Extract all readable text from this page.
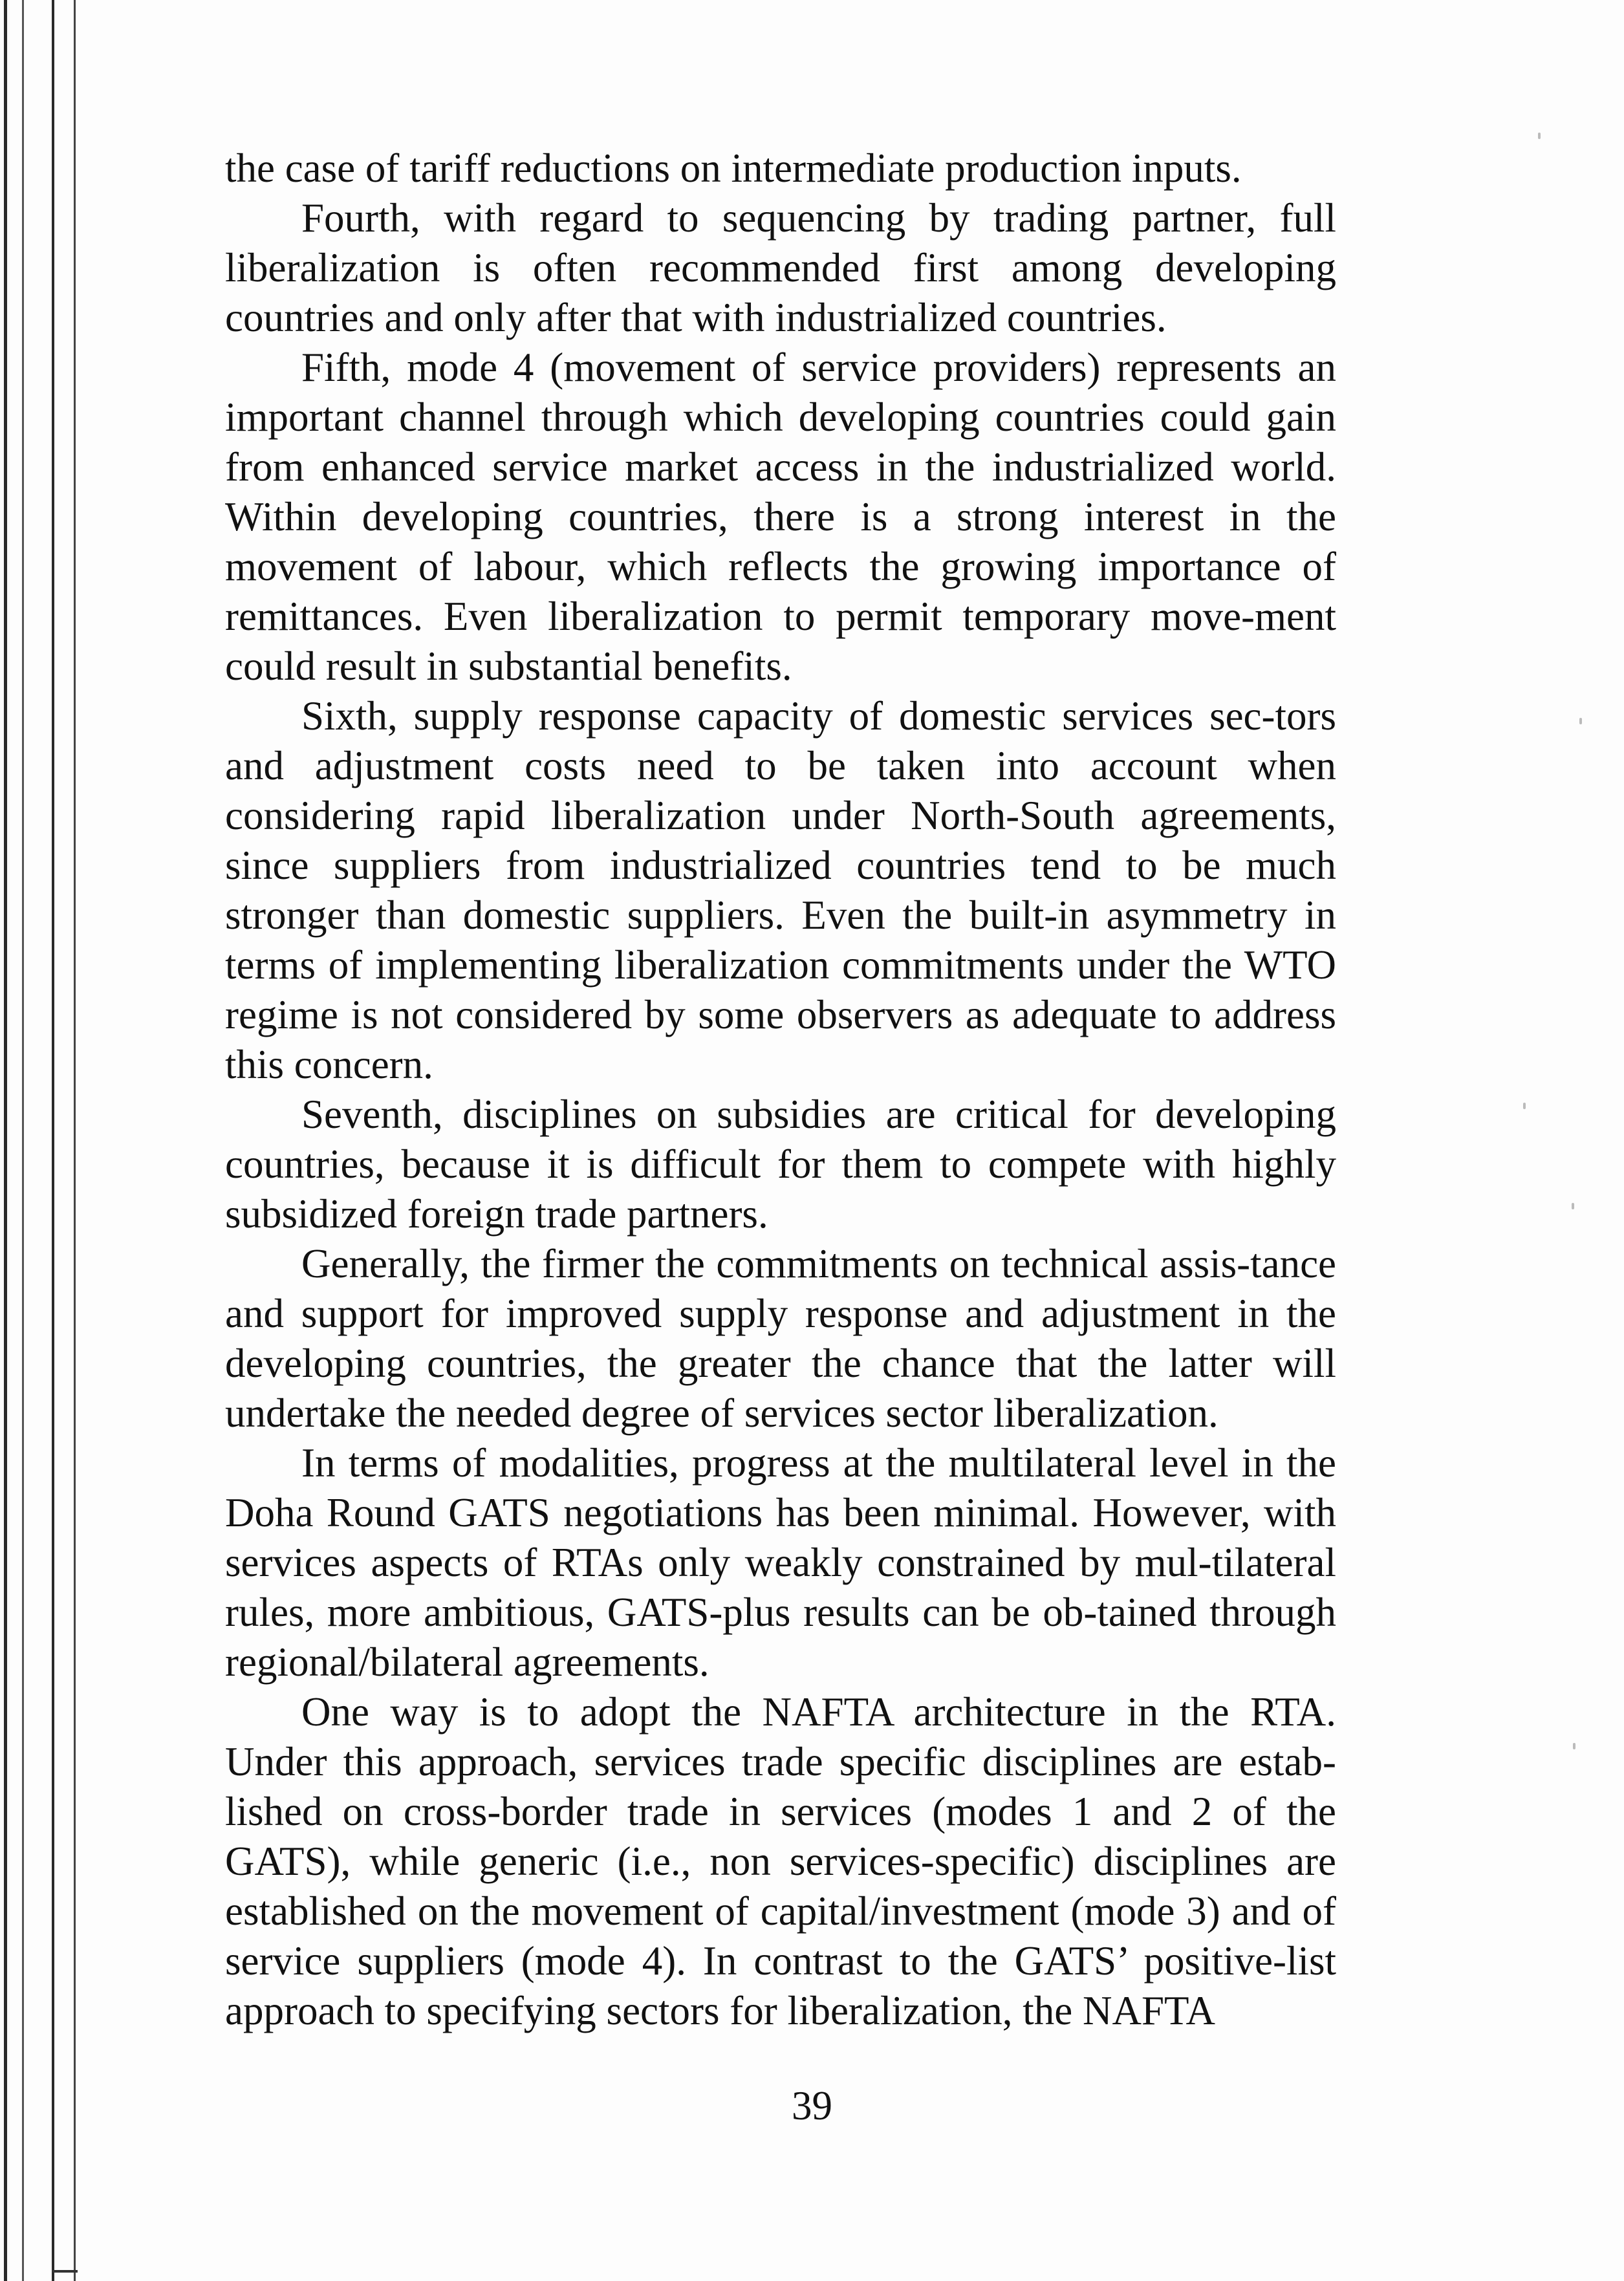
the case of tariff reductions on intermediate production inputs.

Fourth, with regard to sequencing by trading partner, full liberalization is often recommended first among developing countries and only after that with industrialized countries.

Fifth, mode 4 (movement of service providers) represents an important channel through which developing countries could gain from enhanced service market access in the industrialized world. Within developing countries, there is a strong interest in the movement of labour, which reflects the growing importance of remittances. Even liberalization to permit temporary move-ment could result in substantial benefits.

Sixth, supply response capacity of domestic services sec-tors and adjustment costs need to be taken into account when considering rapid liberalization under North-South agreements, since suppliers from industrialized countries tend to be much stronger than domestic suppliers. Even the built-in asymmetry in terms of implementing liberalization commitments under the WTO regime is not considered by some observers as adequate to address this concern.

Seventh, disciplines on subsidies are critical for developing countries, because it is difficult for them to compete with highly subsidized foreign trade partners.

Generally, the firmer the commitments on technical assis-tance and support for improved supply response and adjustment in the developing countries, the greater the chance that the latter will undertake the needed degree of services sector liberalization.

In terms of modalities, progress at the multilateral level in the Doha Round GATS negotiations has been minimal. However, with services aspects of RTAs only weakly constrained by mul-tilateral rules, more ambitious, GATS-plus results can be ob-tained through regional/bilateral agreements.

One way is to adopt the NAFTA architecture in the RTA. Under this approach, services trade specific disciplines are estab-lished on cross-border trade in services (modes 1 and 2 of the GATS), while generic (i.e., non services-specific) disciplines are established on the movement of capital/investment (mode 3) and of service suppliers (mode 4). In contrast to the GATS’ positive-list approach to specifying sectors for liberalization, the NAFTA

39
